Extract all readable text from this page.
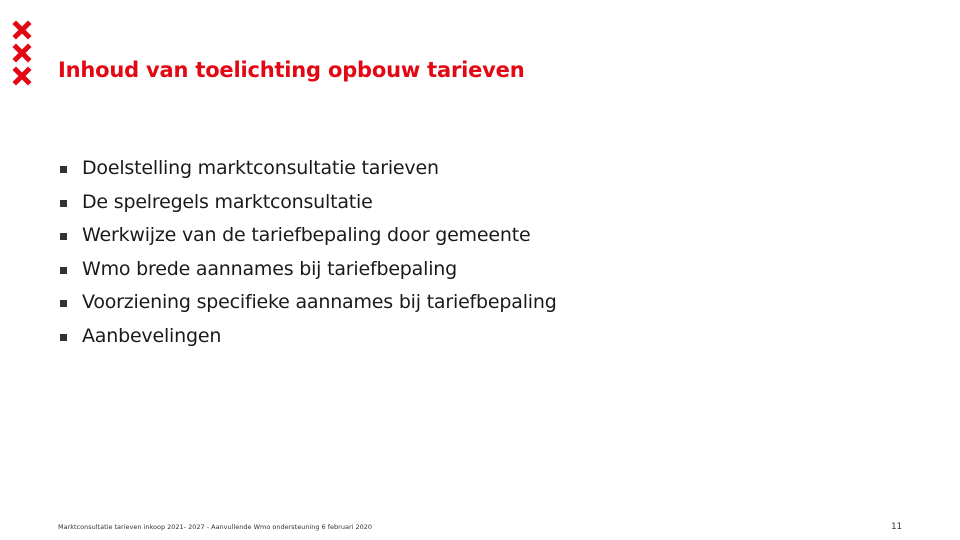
Inhoud van toelichting opbouw tarieven
Doelstelling marktconsultatie tarieven
De spelregels marktconsultatie
Werkwijze van de tariefbepaling door gemeente
Wmo brede aannames bij tariefbepaling
Voorziening specifieke aannames bij tariefbepaling
Aanbevelingen
Marktconsultatie tarieven inkoop 2021- 2027 - Aanvullende Wmo ondersteuning 6 februari 2020	11
